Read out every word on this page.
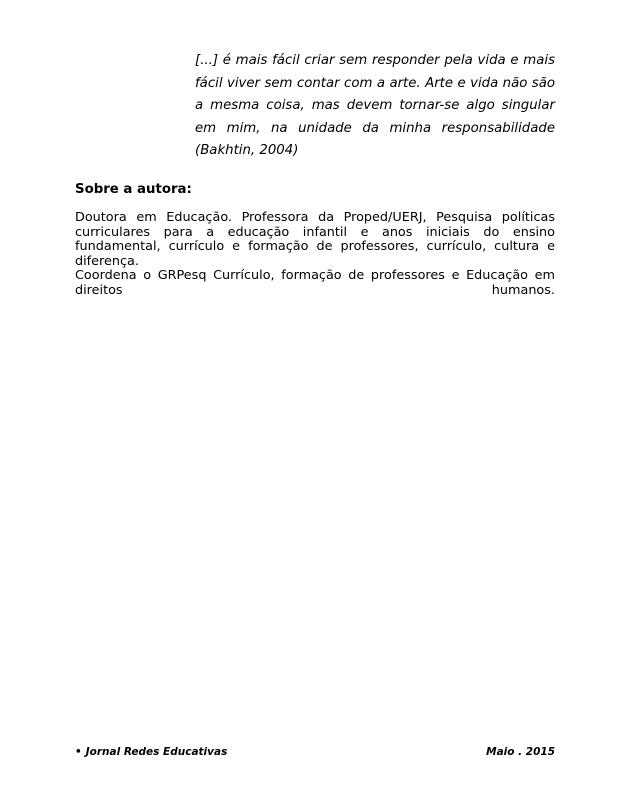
[...] é mais fácil criar sem responder pela vida e mais fácil viver sem contar com a arte. Arte e vida não são a mesma coisa, mas devem tornar-se algo singular em mim, na unidade da minha responsabilidade (Bakhtin, 2004)

Sobre a autora:

Doutora em Educação. Professora da Proped/UERJ, Pesquisa políticas curriculares para a educação infantil e anos iniciais do ensino fundamental, currículo e formação de professores, currículo, cultura e diferença.

Coordena o GRPesq Currículo, formação de professores e Educação em direitos humanos.

• Jornal Redes Educativas	Maio . 2015
